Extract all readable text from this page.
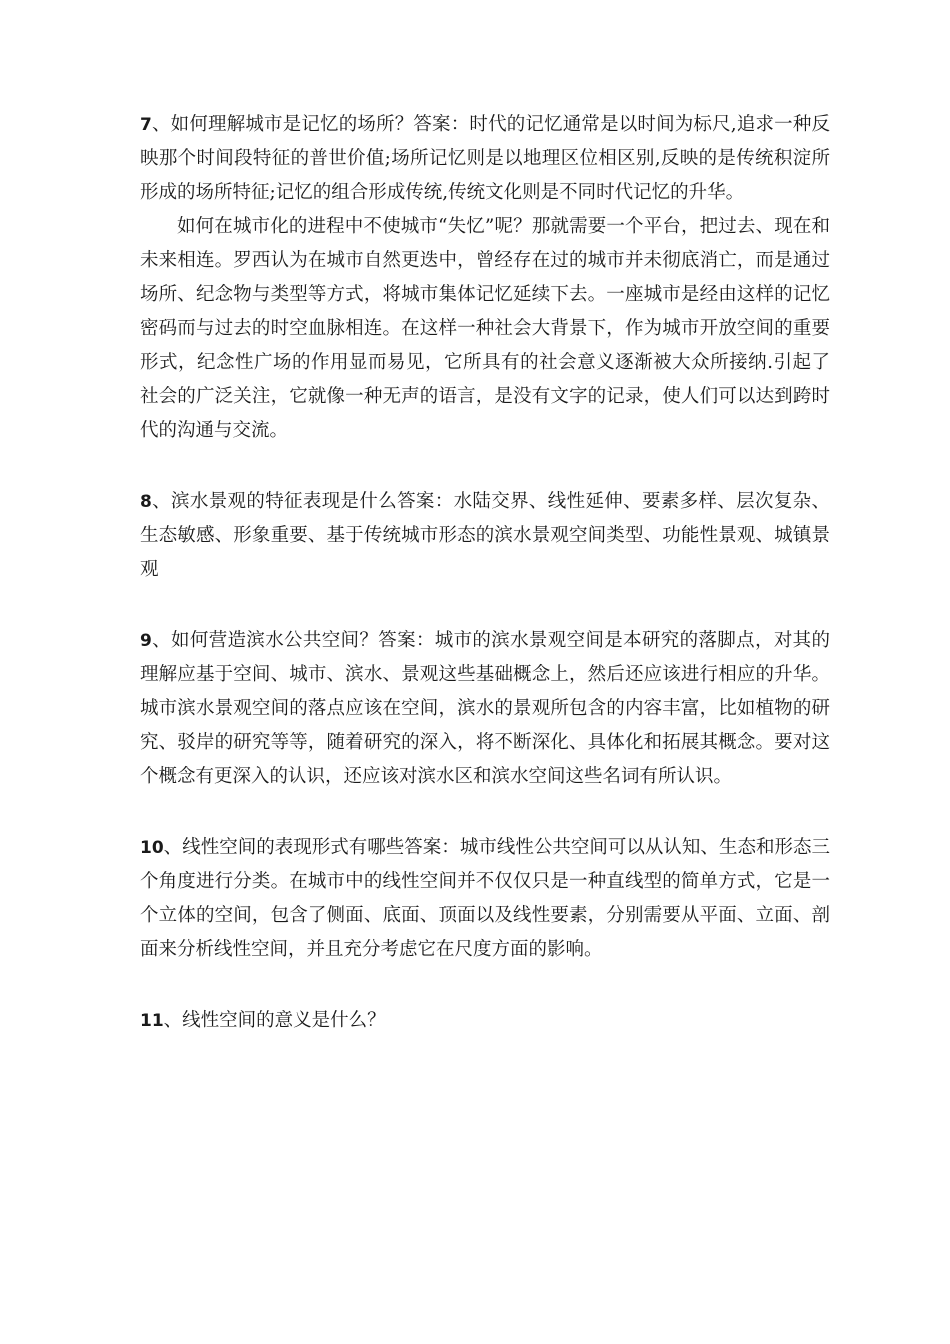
7、如何理解城市是记忆的场所？答案：时代的记忆通常是以时间为标尺,追求一种反映那个时间段特征的普世价值;场所记忆则是以地理区位相区别,反映的是传统积淀所形成的场所特征;记忆的组合形成传统,传统文化则是不同时代记忆的升华。

如何在城市化的进程中不使城市“失忆”呢？那就需要一个平台，把过去、现在和未来相连。罗西认为在城市自然更迭中，曾经存在过的城市并未彻底消亡，而是通过场所、纪念物与类型等方式，将城市集体记忆延续下去。一座城市是经由这样的记忆密码而与过去的时空血脉相连。在这样一种社会大背景下，作为城市开放空间的重要形式，纪念性广场的作用显而易见，它所具有的社会意义逐渐被大众所接纳.引起了社会的广泛关注，它就像一种无声的语言，是没有文字的记录，使人们可以达到跨时代的沟通与交流。

8、滨水景观的特征表现是什么答案：水陆交界、线性延伸、要素多样、层次复杂、生态敏感、形象重要、基于传统城市形态的滨水景观空间类型、功能性景观、城镇景观

9、如何营造滨水公共空间？答案：城市的滨水景观空间是本研究的落脚点，对其的理解应基于空间、城市、滨水、景观这些基础概念上，然后还应该进行相应的升华。城市滨水景观空间的落点应该在空间，滨水的景观所包含的内容丰富，比如植物的研究、驳岸的研究等等，随着研究的深入，将不断深化、具体化和拓展其概念。要对这个概念有更深入的认识，还应该对滨水区和滨水空间这些名词有所认识。

10、线性空间的表现形式有哪些答案：城市线性公共空间可以从认知、生态和形态三个角度进行分类。在城市中的线性空间并不仅仅只是一种直线型的简单方式，它是一个立体的空间，包含了侧面、底面、顶面以及线性要素，分别需要从平面、立面、剖面来分析线性空间，并且充分考虑它在尺度方面的影响。

11、线性空间的意义是什么？
